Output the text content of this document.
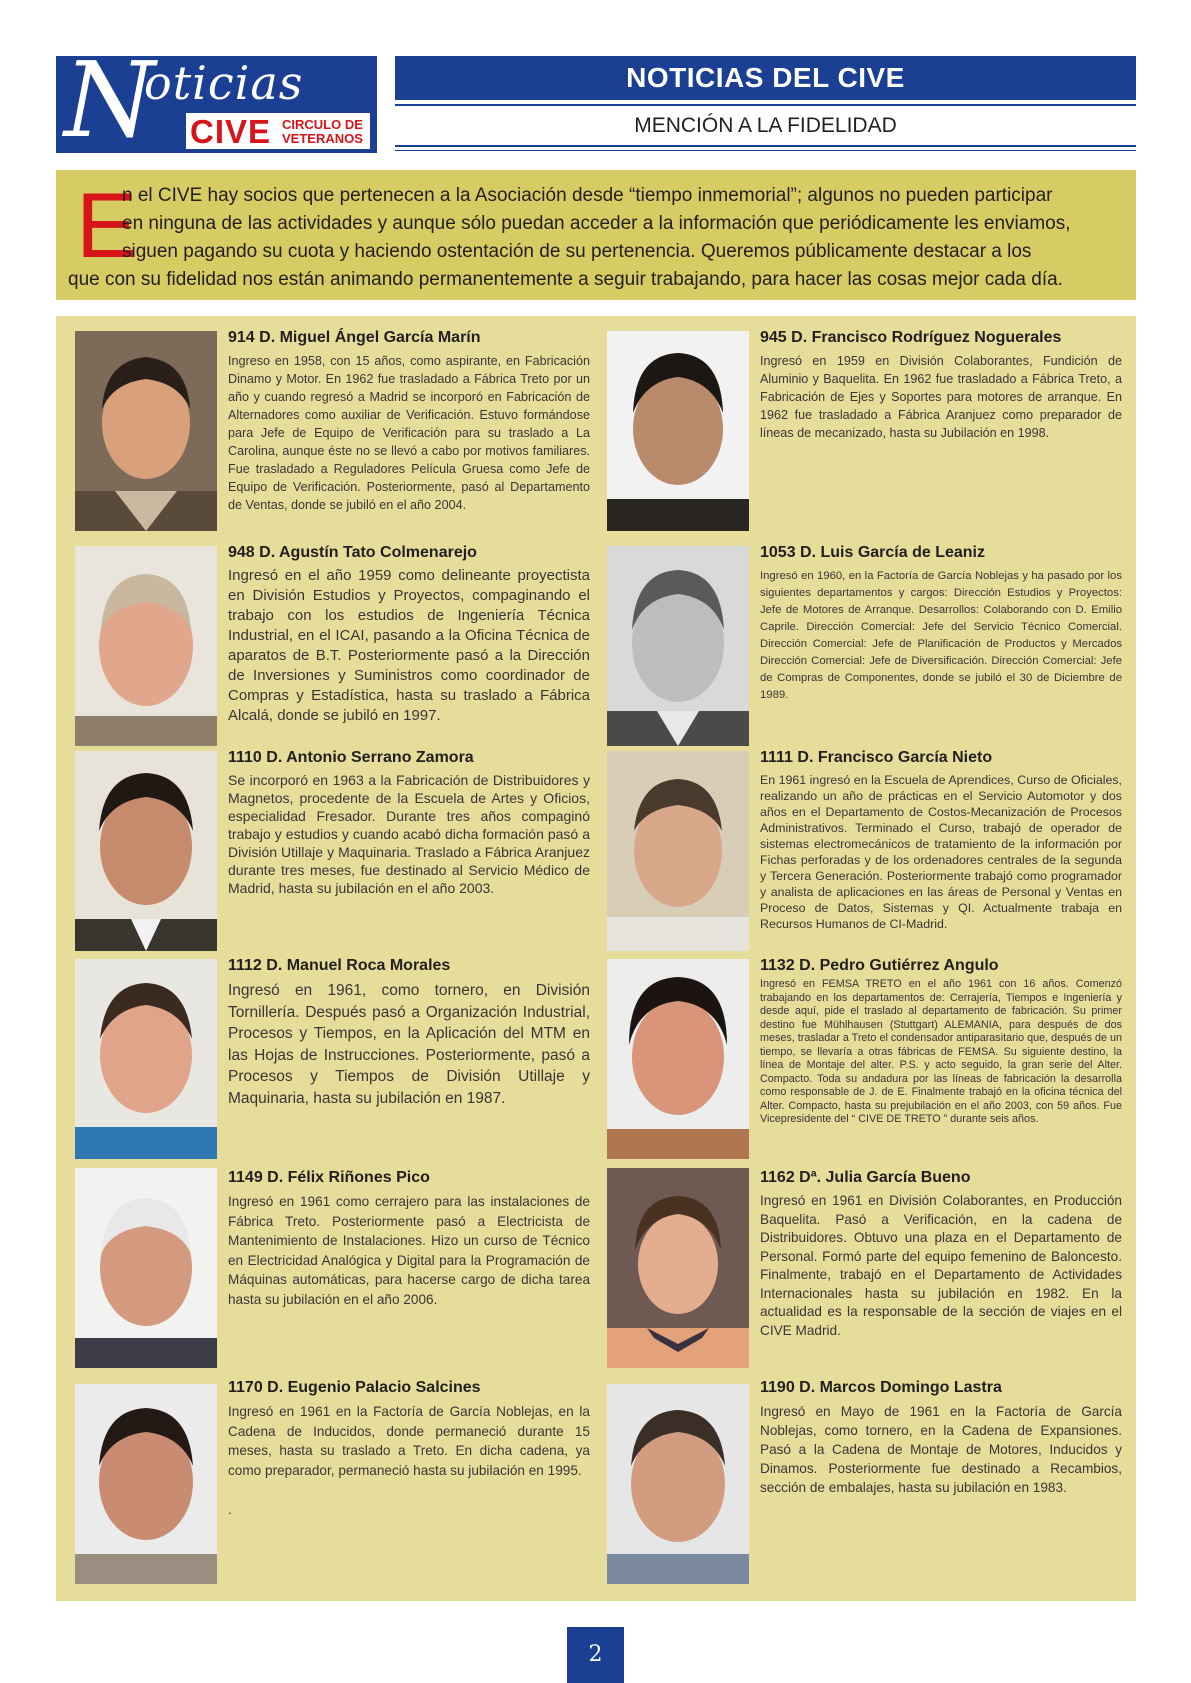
N
oticias
CIVE CIRCULO DE
VETERANOS
NOTICIAS DEL CIVE
MENCIÓN A LA FIDELIDAD
E
n el CIVE hay socios que pertenecen a la Asociación desde “tiempo inmemorial”; algunos no pueden participar
en ninguna de las actividades y aunque sólo puedan acceder a la información que periódicamente les enviamos,
siguen pagando su cuota y haciendo ostentación de su pertenencia. Queremos públicamente destacar a los
que con su fidelidad nos están animando permanentemente a seguir trabajando, para hacer las cosas mejor cada día.
914 D. Miguel Ángel García Marín
Ingreso en 1958, con 15 años, como aspirante, en Fabricación Dinamo y Motor. En 1962 fue trasladado a Fábrica Treto por un año y cuando regresó a Madrid se incorporó en Fabricación de Alternadores como auxiliar de Verificación. Estuvo formándose para Jefe de Equipo de Verificación para su traslado a La Carolina, aunque éste no se llevó a cabo por motivos familiares. Fue trasladado a Reguladores Película Gruesa como Jefe de Equipo de Verificación. Posteriormente, pasó al Departamento de Ventas, donde se jubiló en el año 2004.
945 D. Francisco Rodríguez Noguerales
Ingresó en 1959 en División Colaborantes, Fundición de Aluminio y Baquelita. En 1962 fue trasladado a Fábrica Treto, a Fabricación de Ejes y Soportes para motores de arranque. En 1962 fue trasladado a Fábrica Aranjuez como preparador de líneas de mecanizado, hasta su Jubilación en 1998.
948 D. Agustín Tato Colmenarejo
Ingresó en el año 1959 como delineante proyectista en División Estudios y Proyectos, compaginando el trabajo con los estudios de Ingeniería Técnica Industrial, en el ICAI, pasando a la Oficina Técnica de aparatos de B.T. Posteriormente pasó a la Dirección de Inversiones y Suministros como coordinador de Compras y Estadística, hasta su traslado a Fábrica Alcalá, donde se jubiló en 1997.
1053 D. Luis García de Leaniz
Ingresó en 1960, en la Factoría de García Noblejas y ha pasado por los siguientes departamentos y cargos: Dirección Estudios y Proyectos: Jefe de Motores de Arranque. Desarrollos: Colaborando con D. Emilio Caprile. Dirección Comercial: Jefe del Servicio Técnico Comercial. Dirección Comercial: Jefe de Planificación de Productos y Mercados Dirección Comercial: Jefe de Diversificación. Dirección Comercial: Jefe de Compras de Componentes, donde se jubiló el 30 de Diciembre de 1989.
1110 D. Antonio Serrano Zamora
Se incorporó en 1963 a la Fabricación de Distribuidores y Magnetos, procedente de la Escuela de Artes y Oficios, especialidad Fresador. Durante tres años compaginó trabajo y estudios y cuando acabó dicha formación pasó a División Utillaje y Maquinaria. Traslado a Fábrica Aranjuez durante tres meses, fue destinado al Servicio Médico de Madrid, hasta su jubilación en el año 2003.
1111 D. Francisco García Nieto
En 1961 ingresó en la Escuela de Aprendices, Curso de Oficiales, realizando un año de prácticas en el Servicio Automotor y dos años en el Departamento de Costos-Mecanización de Procesos Administrativos. Terminado el Curso, trabajó de operador de sistemas electromecánicos de tratamiento de la información por Fichas perforadas y de los ordenadores centrales de la segunda y Tercera Generación. Posteriormente trabajó como programador y analista de aplicaciones en las áreas de Personal y Ventas en Proceso de Datos, Sistemas y QI. Actualmente trabaja en Recursos Humanos de CI-Madrid.
1112 D. Manuel Roca Morales
Ingresó en 1961, como tornero, en División Tornillería. Después pasó a Organización Industrial, Procesos y Tiempos, en la Aplicación del MTM en las Hojas de Instrucciones. Posteriormente, pasó a Procesos y Tiempos de División Utillaje y Maquinaria, hasta su jubilación en 1987.
1132 D. Pedro Gutiérrez Angulo
Ingresó en FEMSA TRETO en el año 1961 con 16 años. Comenzó trabajando en los departamentos de: Cerrajería, Tiempos e Ingeniería y desde aquí, pide el traslado al departamento de fabricación. Su primer destino fue Mühlhausen (Stuttgart) ALEMANIA, para después de dos meses, trasladar a Treto el condensador antiparasitario que, después de un tiempo, se llevaría a otras fábricas de FEMSA. Su siguiente destino, la línea de Montaje del alter. P.S. y acto seguido, la gran serie del Alter. Compacto. Toda su andadura por las líneas de fabricación la desarrolla como responsable de J. de E. Finalmente trabajó en la oficina técnica del Alter. Compacto, hasta su prejubilación en el año 2003, con 59 años. Fue Vicepresidente del “ CIVE DE TRETO ” durante seis años.
1149 D. Félix Riñones Pico
Ingresó en 1961 como cerrajero para las instalaciones de Fábrica Treto. Posteriormente pasó a Electricista de Mantenimiento de Instalaciones. Hizo un curso de Técnico en Electricidad Analógica y Digital para la Programación de Máquinas automáticas, para hacerse cargo de dicha tarea hasta su jubilación en el año 2006.
1162 Dª. Julia García Bueno
Ingresó en 1961 en División Colaborantes, en Producción Baquelita. Pasó a Verificación, en la cadena de Distribuidores. Obtuvo una plaza en el Departamento de Personal. Formó parte del equipo femenino de Baloncesto. Finalmente, trabajó en el Departamento de Actividades Internacionales hasta su jubilación en 1982. En la actualidad es la responsable de la sección de viajes en el CIVE Madrid.
1170 D. Eugenio Palacio Salcines
Ingresó en 1961 en la Factoría de García Noblejas, en la Cadena de Inducidos, donde permaneció durante 15 meses, hasta su traslado a Treto. En dicha cadena, ya como preparador, permaneció hasta su jubilación en 1995.
.
1190 D. Marcos Domingo Lastra
Ingresó en Mayo de 1961 en la Factoría de García Noblejas, como tornero, en la Cadena de Expansiones. Pasó a la Cadena de Montaje de Motores, Inducidos y Dinamos. Posteriormente fue destinado a Recambios, sección de embalajes, hasta su jubilación en 1983.
2
